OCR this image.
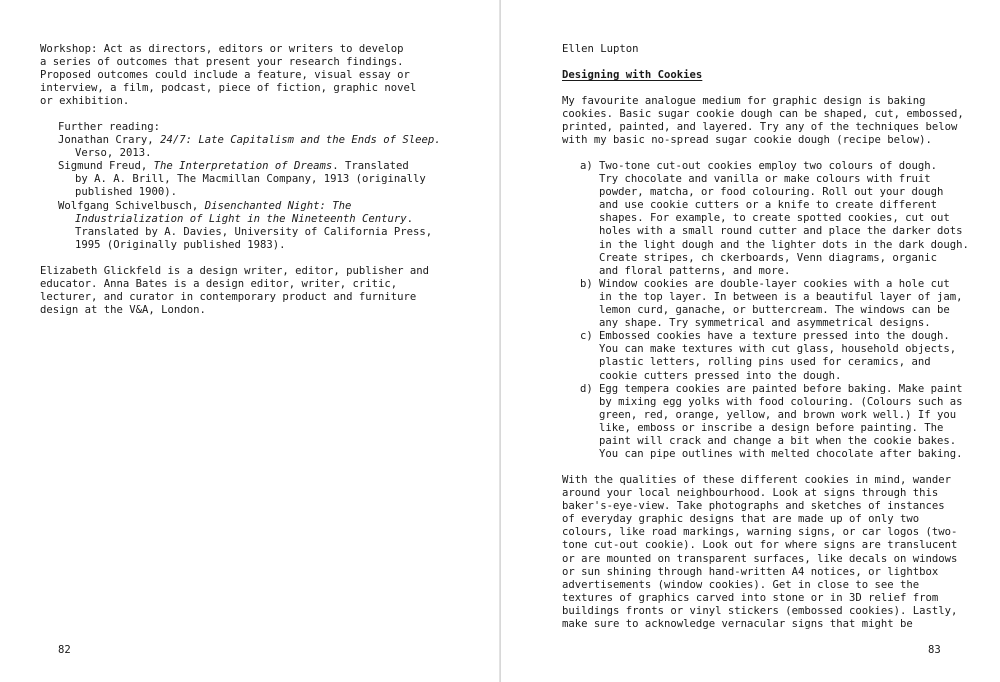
Workshop: Act as directors, editors or writers to develop
a series of outcomes that present your research findings.
Proposed outcomes could include a feature, visual essay or
interview, a film, podcast, piece of fiction, graphic novel
or exhibition.
Further reading:
Jonathan Crary, 24/7: Late Capitalism and the Ends of Sleep.
Verso, 2013.
Sigmund Freud, The Interpretation of Dreams. Translated
by A. A. Brill, The Macmillan Company, 1913 (originally
published 1900).
Wolfgang Schivelbusch, Disenchanted Night: The
Industrialization of Light in the Nineteenth Century.
Translated by A. Davies, University of California Press,
1995 (Originally published 1983).
Elizabeth Glickfeld is a design writer, editor, publisher and
educator. Anna Bates is a design editor, writer, critic,
lecturer, and curator in contemporary product and furniture
design at the V&A, London.
82
Ellen Lupton
Designing with Cookies
My favourite analogue medium for graphic design is baking
cookies. Basic sugar cookie dough can be shaped, cut, embossed,
printed, painted, and layered. Try any of the techniques below
with my basic no-spread sugar cookie dough (recipe below).
a) Two-tone cut-out cookies employ two colours of dough.
Try chocolate and vanilla or make colours with fruit
powder, matcha, or food colouring. Roll out your dough
and use cookie cutters or a knife to create different
shapes. For example, to create spotted cookies, cut out
holes with a small round cutter and place the darker dots
in the light dough and the lighter dots in the dark dough.
Create stripes, ch ckerboards, Venn diagrams, organic
and floral patterns, and more.
b) Window cookies are double-layer cookies with a hole cut
in the top layer. In between is a beautiful layer of jam,
lemon curd, ganache, or buttercream. The windows can be
any shape. Try symmetrical and asymmetrical designs.
c) Embossed cookies have a texture pressed into the dough.
You can make textures with cut glass, household objects,
plastic letters, rolling pins used for ceramics, and
cookie cutters pressed into the dough.
d) Egg tempera cookies are painted before baking. Make paint
by mixing egg yolks with food colouring. (Colours such as
green, red, orange, yellow, and brown work well.) If you
like, emboss or inscribe a design before painting. The
paint will crack and change a bit when the cookie bakes.
You can pipe outlines with melted chocolate after baking.
With the qualities of these different cookies in mind, wander
around your local neighbourhood. Look at signs through this
baker's-eye-view. Take photographs and sketches of instances
of everyday graphic designs that are made up of only two
colours, like road markings, warning signs, or car logos (two-
tone cut-out cookie). Look out for where signs are translucent
or are mounted on transparent surfaces, like decals on windows
or sun shining through hand-written A4 notices, or lightbox
advertisements (window cookies). Get in close to see the
textures of graphics carved into stone or in 3D relief from
buildings fronts or vinyl stickers (embossed cookies). Lastly,
make sure to acknowledge vernacular signs that might be
83
